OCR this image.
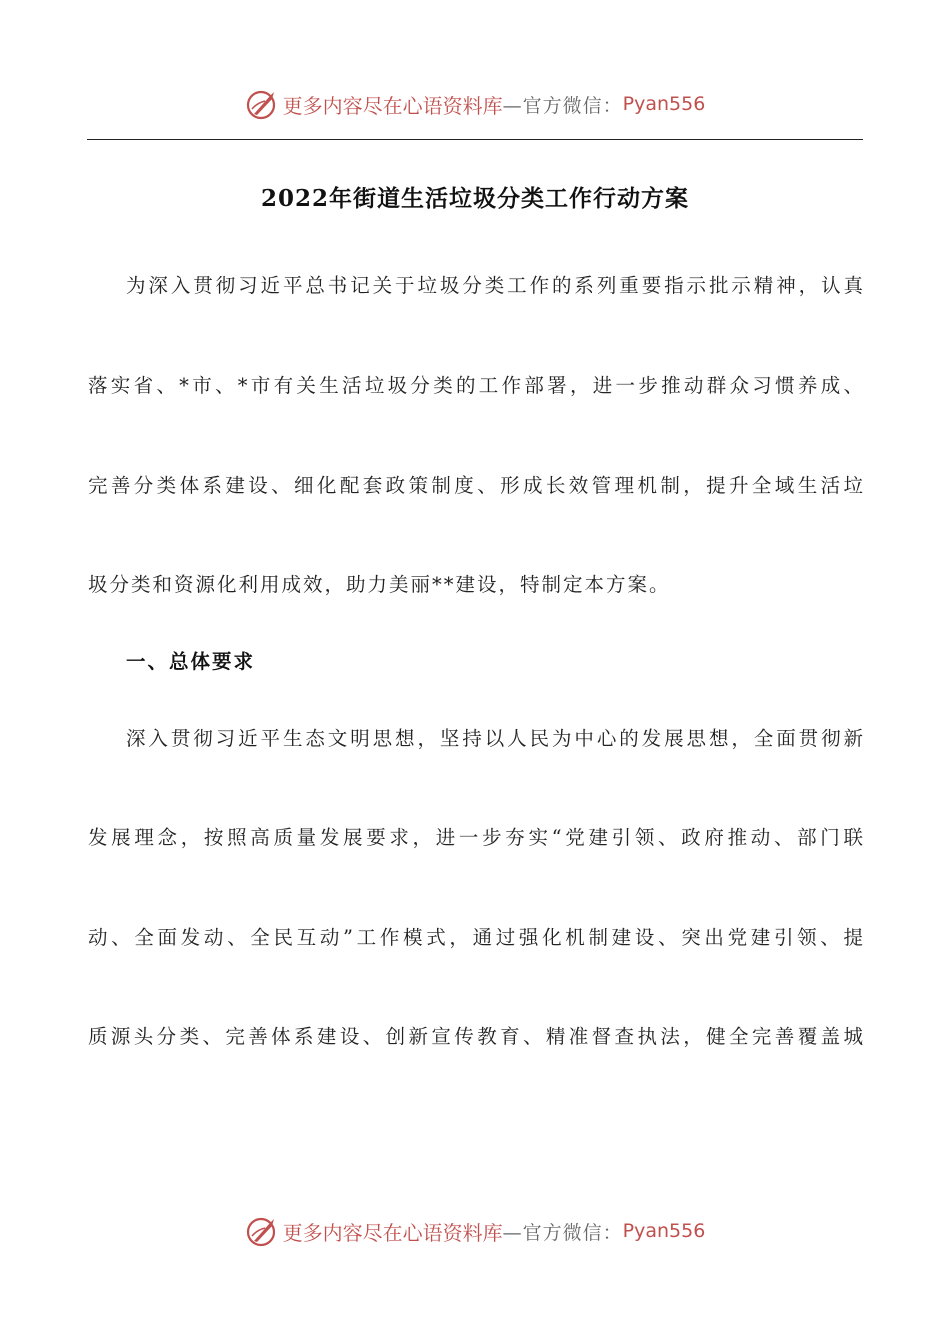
更多内容尽在心语资料库 —官方微信： Pyan556
2022年街道生活垃圾分类工作行动方案
为深入贯彻习近平总书记关于垃圾分类工作的系列重要指示批示精神，认真
落实省、*市、*市有关生活垃圾分类的工作部署，进一步推动群众习惯养成、
完善分类体系建设、细化配套政策制度、形成长效管理机制，提升全域生活垃
圾分类和资源化利用成效，助力美丽**建设，特制定本方案。
一、总体要求
深入贯彻习近平生态文明思想，坚持以人民为中心的发展思想，全面贯彻新
发展理念，按照高质量发展要求，进一步夯实“党建引领、政府推动、部门联
动、全面发动、全民互动”工作模式，通过强化机制建设、突出党建引领、提
质源头分类、完善体系建设、创新宣传教育、精准督查执法，健全完善覆盖城
更多内容尽在心语资料库 —官方微信： Pyan556
